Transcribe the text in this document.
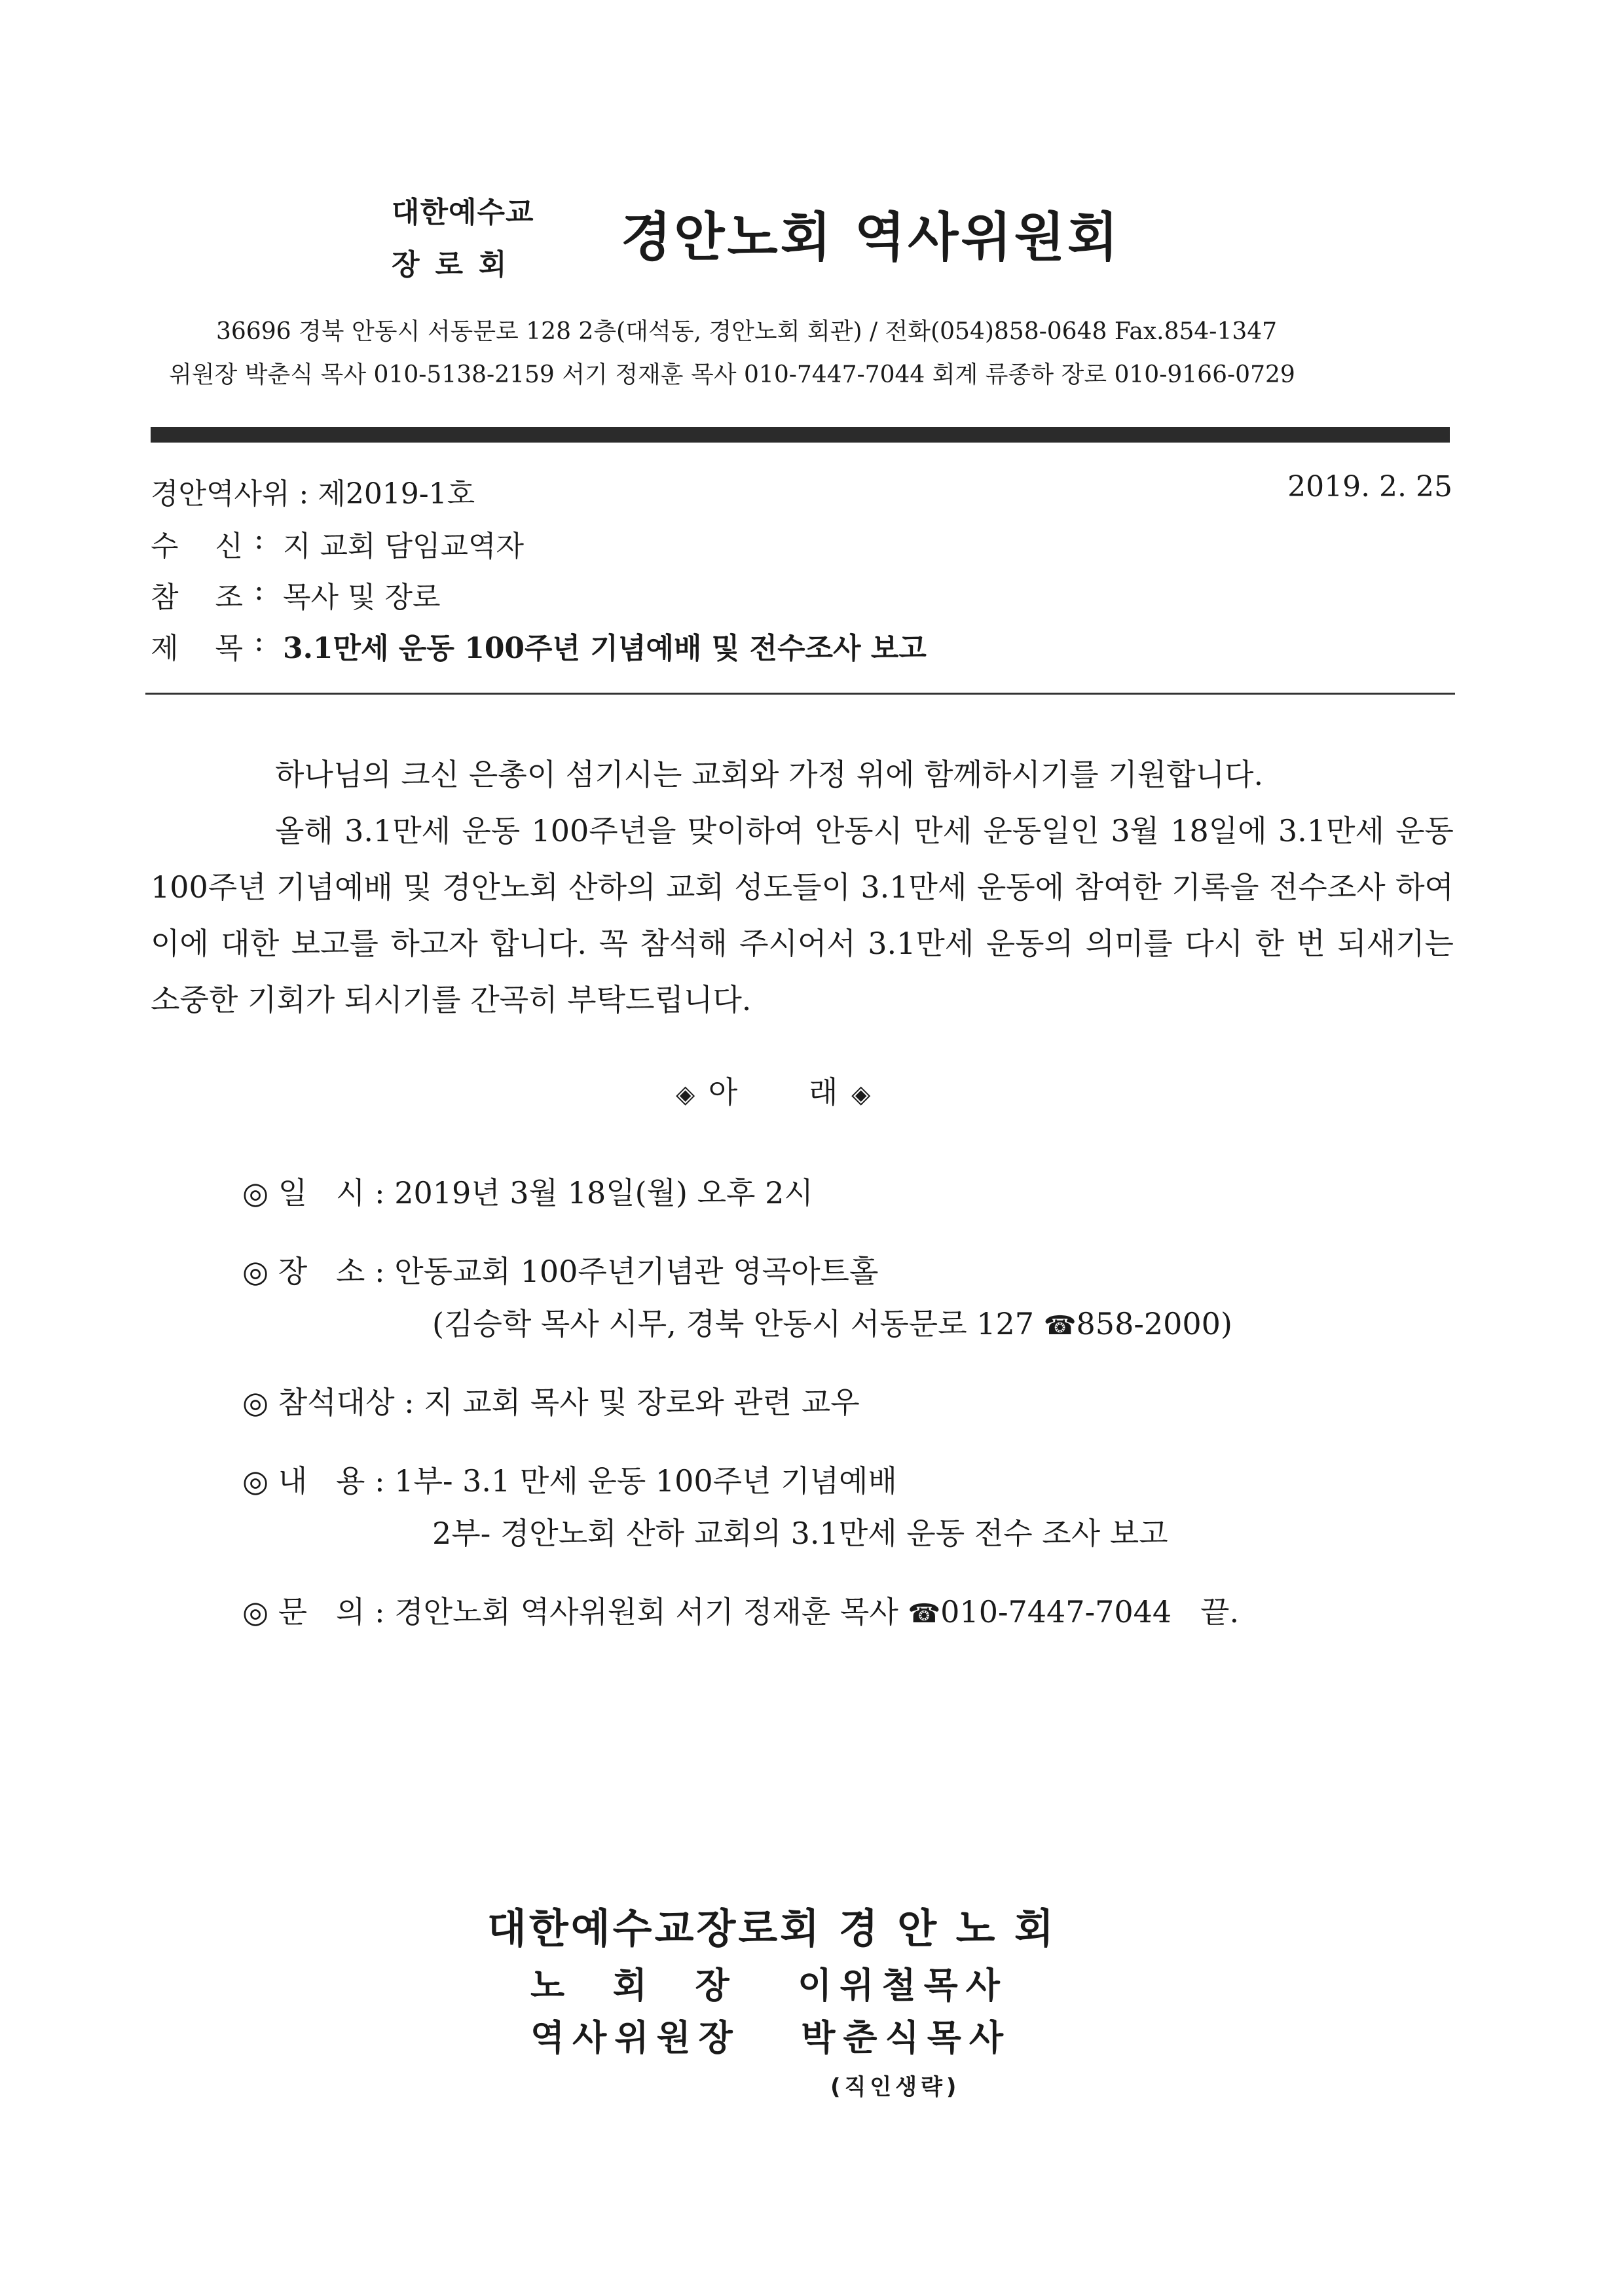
대한예수교
장로회 경안노회 역사위원회
36696 경북 안동시 서동문로 128 2층(대석동, 경안노회 회관) / 전화(054)858-0648 Fax.854-1347
위원장 박춘식 목사 010-5138-2159 서기 정재훈 목사 010-7447-7044 회계 류종하 장로 010-9166-0729
경안역사위 : 제2019-1호	2019. 2. 25
수    신 : 지 교회 담임교역자
참    조 : 목사 및 장로
제    목 : 3.1만세 운동 100주년 기념예배 및 전수조사 보고

하나님의 크신 은총이 섬기시는 교회와 가정 위에 함께하시기를 기원합니다.

올해 3.1만세 운동 100주년을 맞이하여 안동시 만세 운동일인 3월 18일에 3.1만세 운동 100주년 기념예배 및 경안노회 산하의 교회 성도들이 3.1만세 운동에 참여한 기록을 전수조사 하여 이에 대한 보고를 하고자 합니다. 꼭 참석해 주시어서 3.1만세 운동의 의미를 다시 한 번 되새기는 소중한 기회가 되시기를 간곡히 부탁드립니다.

◈ 아      래 ◈
◎ 일   시 : 2019년 3월 18일(월) 오후 2시
◎ 장   소 : 안동교회 100주년기념관 영곡아트홀
(김승학 목사 시무, 경북 안동시 서동문로 127 ☎858-2000)
◎ 참석대상 : 지 교회 목사 및 장로와 관련 교우
◎ 내   용 : 1부- 3.1 만세 운동 100주년 기념예배
2부- 경안노회 산하 교회의 3.1만세 운동 전수 조사 보고
◎ 문   의 : 경안노회 역사위원회 서기 정재훈 목사 ☎010-7447-7044   끝.
대한예수교장로회 경 안 노 회
노  회  장   이위철목사
역사위원장   박춘식목사
(직인생략)
